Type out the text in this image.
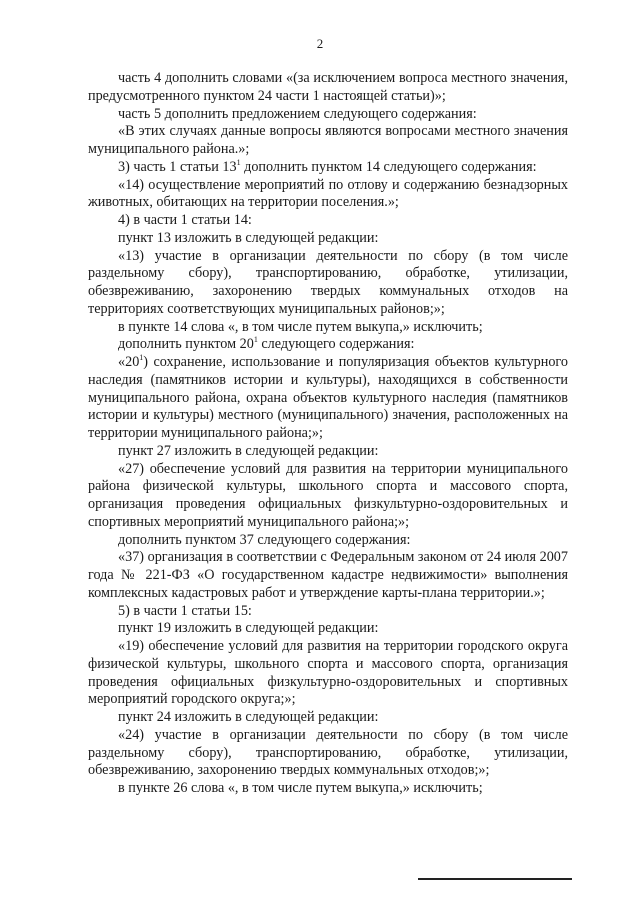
2

часть 4 дополнить словами «(за исключением вопроса местного значения, предусмотренного пунктом 24 части 1 настоящей статьи)»;

часть 5 дополнить предложением следующего содержания:

«В этих случаях данные вопросы являются вопросами местного значения муниципального района.»;

3) часть 1 статьи $13^1$ дополнить пунктом 14 следующего содержания:

«14) осуществление мероприятий по отлову и содержанию безнадзорных животных, обитающих на территории поселения.»;

4) в части 1 статьи 14:

пункт 13 изложить в следующей редакции:

«13) участие в организации деятельности по сбору (в том числе раздельному сбору), транспортированию, обработке, утилизации, обезвреживанию, захоронению твердых коммунальных отходов на территориях соответствующих муниципальных районов;»;

в пункте 14 слова «, в том числе путем выкупа,» исключить;

дополнить пунктом $20^1$ следующего содержания:

«$20^1$) сохранение, использование и популяризация объектов культурного наследия (памятников истории и культуры), находящихся в собственности муниципального района, охрана объектов культурного наследия (памятников истории и культуры) местного (муниципального) значения, расположенных на территории муниципального района;»;

пункт 27 изложить в следующей редакции:

«27) обеспечение условий для развития на территории муниципального района физической культуры, школьного спорта и массового спорта, организация проведения официальных физкультурно-оздоровительных и спортивных мероприятий муниципального района;»;

дополнить пунктом 37 следующего содержания:

«37) организация в соответствии с Федеральным законом от 24 июля 2007 года № 221-ФЗ «О государственном кадастре недвижимости» выполнения комплексных кадастровых работ и утверждение карты-плана территории.»;

5) в части 1 статьи 15:

пункт 19 изложить в следующей редакции:

«19) обеспечение условий для развития на территории городского округа физической культуры, школьного спорта и массового спорта, организация проведения официальных физкультурно-оздоровительных и спортивных мероприятий городского округа;»;

пункт 24 изложить в следующей редакции:

«24) участие в организации деятельности по сбору (в том числе раздельному сбору), транспортированию, обработке, утилизации, обезвреживанию, захоронению твердых коммунальных отходов;»;

в пункте 26 слова «, в том числе путем выкупа,» исключить;
